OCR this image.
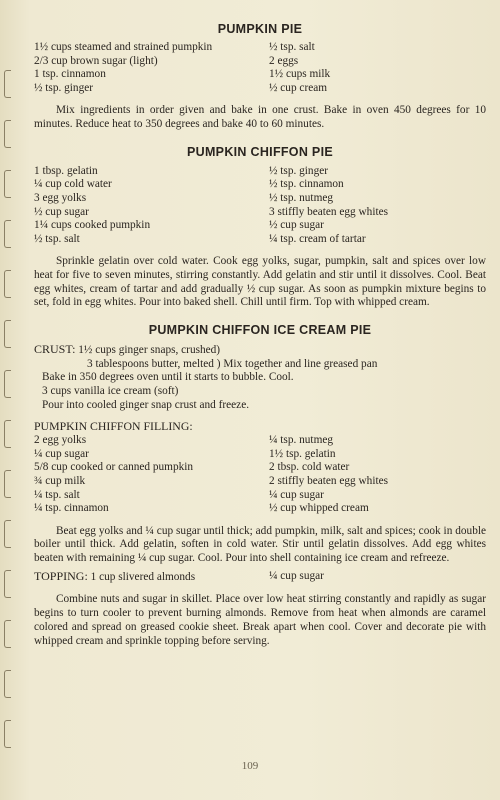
PUMPKIN PIE
1½ cups steamed and strained pumpkin
2/3 cup brown sugar (light)
1 tsp. cinnamon
½ tsp. ginger
½ tsp. salt
2 eggs
1½ cups milk
½ cup cream

Mix ingredients in order given and bake in one crust. Bake in oven 450 degrees for 10 minutes. Reduce heat to 350 degrees and bake 40 to 60 minutes.

PUMPKIN CHIFFON PIE
1 tbsp. gelatin
¼ cup cold water
3 egg yolks
½ cup sugar
1¼ cups cooked pumpkin
½ tsp. salt
½ tsp. ginger
½ tsp. cinnamon
½ tsp. nutmeg
3 stiffly beaten egg whites
½ cup sugar
¼ tsp. cream of tartar

Sprinkle gelatin over cold water. Cook egg yolks, sugar, pumpkin, salt and spices over low heat for five to seven minutes, stirring constantly. Add gelatin and stir until it dissolves. Cool. Beat egg whites, cream of tartar and add gradually ½ cup sugar. As soon as pumpkin mixture begins to set, fold in egg whites. Pour into baked shell. Chill until firm. Top with whipped cream.

PUMPKIN CHIFFON ICE CREAM PIE
CRUST: 1½ cups ginger snaps, crushed)
3 tablespoons butter, melted ) Mix together and line greased pan
Bake in 350 degrees oven until it starts to bubble. Cool.
3 cups vanilla ice cream (soft)
Pour into cooled ginger snap crust and freeze.
PUMPKIN CHIFFON FILLING:
2 egg yolks
¼ cup sugar
5/8 cup cooked or canned pumpkin
¾ cup milk
¼ tsp. salt
¼ tsp. cinnamon
¼ tsp. nutmeg
1½ tsp. gelatin
2 tbsp. cold water
2 stiffly beaten egg whites
¼ cup sugar
½ cup whipped cream

Beat egg yolks and ¼ cup sugar until thick; add pumpkin, milk, salt and spices; cook in double boiler until thick. Add gelatin, soften in cold water. Stir until gelatin dissolves. Add egg whites beaten with remaining ¼ cup sugar. Cool. Pour into shell containing ice cream and refreeze.

TOPPING: 1 cup slivered almonds	¼ cup sugar

Combine nuts and sugar in skillet. Place over low heat stirring constantly and rapidly as sugar begins to turn cooler to prevent burning almonds. Remove from heat when almonds are caramel colored and spread on greased cookie sheet. Break apart when cool. Cover and decorate pie with whipped cream and sprinkle topping before serving.

109
